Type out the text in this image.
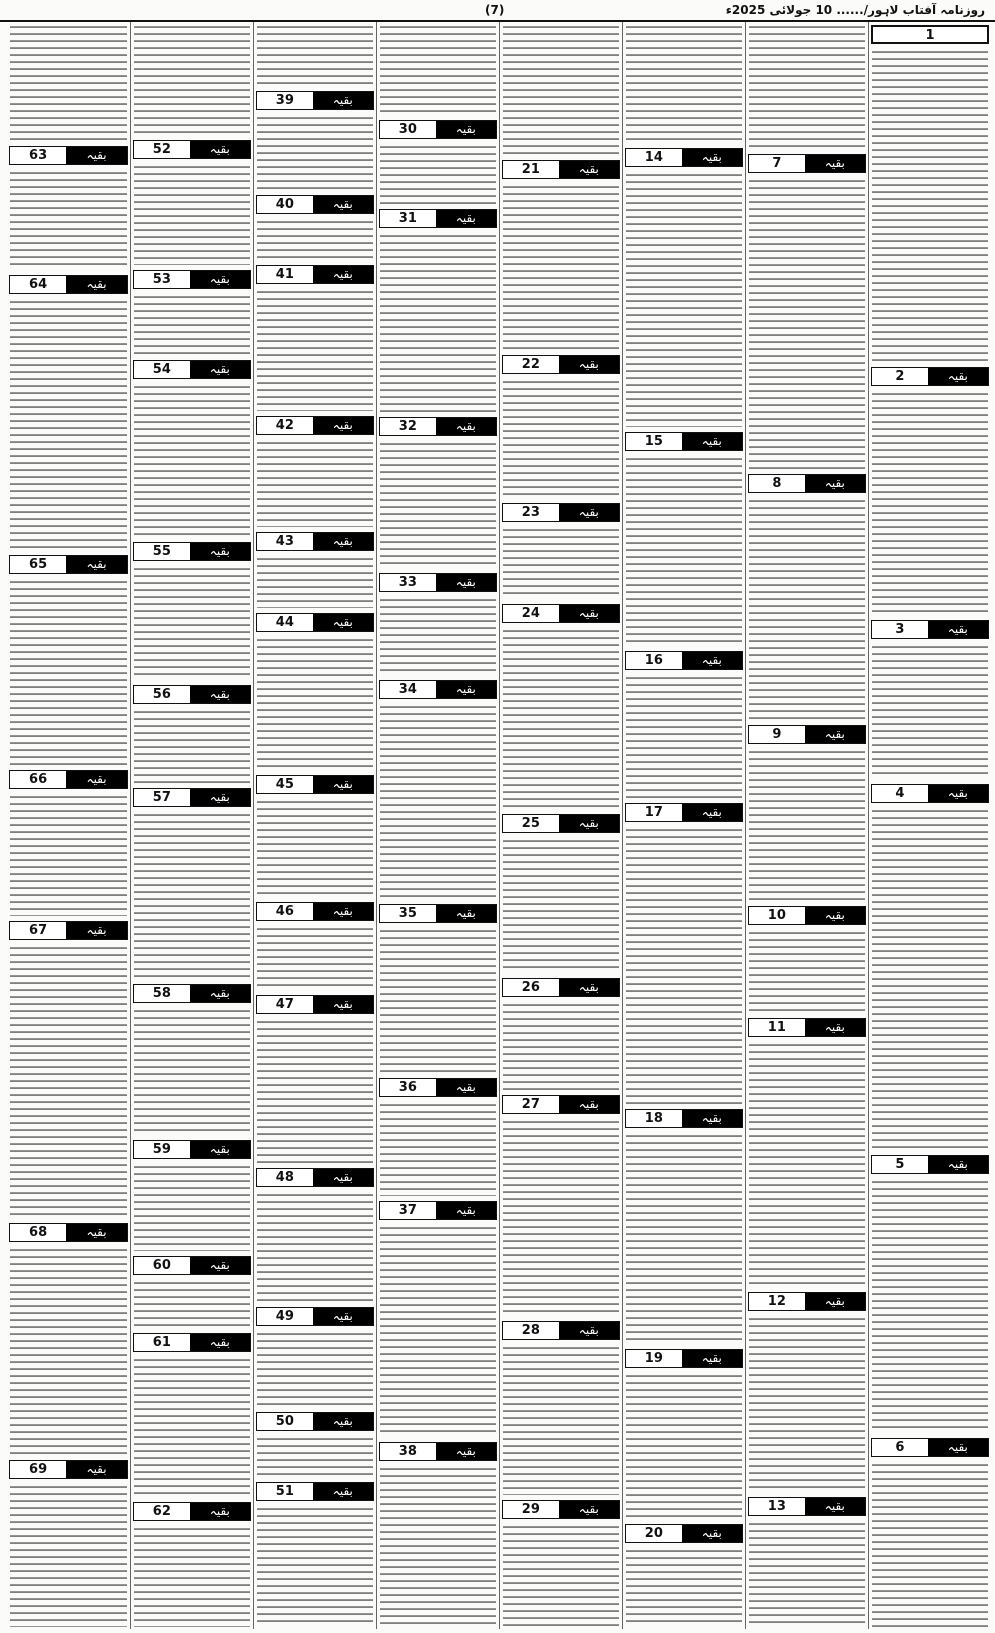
روزنامہ آفتاب لاہور/...... 10 جولائی 2025ء
(7)
1
2	بقیہ
3	بقیہ
4	بقیہ
5	بقیہ
6	بقیہ
7	بقیہ
8	بقیہ
9	بقیہ
10	بقیہ
11	بقیہ
12	بقیہ
13	بقیہ
14	بقیہ
15	بقیہ
16	بقیہ
17	بقیہ
18	بقیہ
19	بقیہ
20	بقیہ
21	بقیہ
22	بقیہ
23	بقیہ
24	بقیہ
25	بقیہ
26	بقیہ
27	بقیہ
28	بقیہ
29	بقیہ
30	بقیہ
31	بقیہ
32	بقیہ
33	بقیہ
34	بقیہ
35	بقیہ
36	بقیہ
37	بقیہ
38	بقیہ
39	بقیہ
40	بقیہ
41	بقیہ
42	بقیہ
43	بقیہ
44	بقیہ
45	بقیہ
46	بقیہ
47	بقیہ
48	بقیہ
49	بقیہ
50	بقیہ
51	بقیہ
52	بقیہ
53	بقیہ
54	بقیہ
55	بقیہ
56	بقیہ
57	بقیہ
58	بقیہ
59	بقیہ
60	بقیہ
61	بقیہ
62	بقیہ
63	بقیہ
64	بقیہ
65	بقیہ
66	بقیہ
67	بقیہ
68	بقیہ
69	بقیہ
